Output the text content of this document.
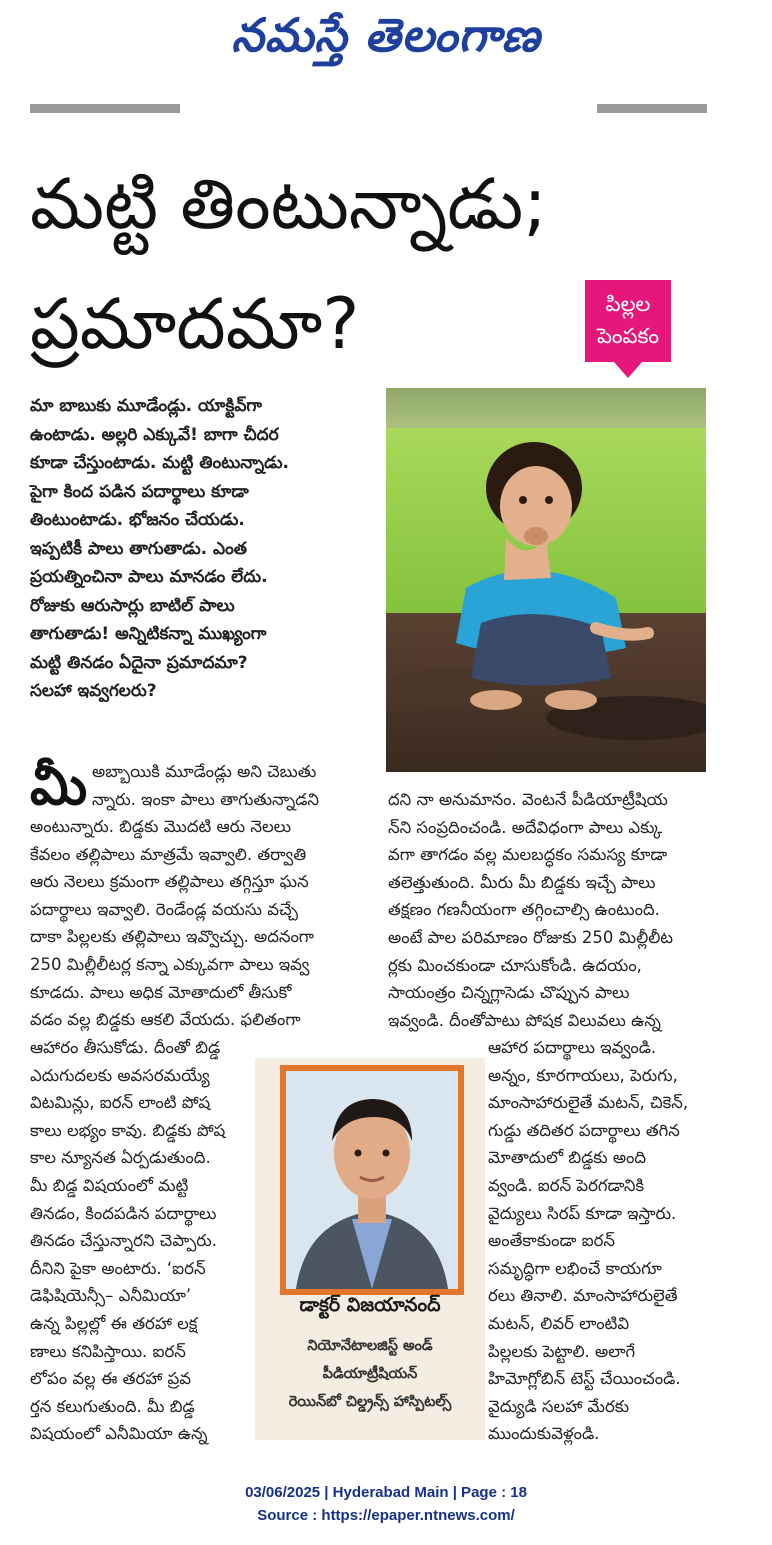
నమస్తే తెలంగాణ
మట్టి తింటున్నాడు;
ప్రమాదమా?	పిల్లల
పెంపకం
మా బాబుకు మూడేండ్లు. యాక్టివ్‌గా
ఉంటాడు. అల్లరి ఎక్కువే! బాగా చీదర
కూడా చేస్తుంటాడు. మట్టి తింటున్నాడు.
పైగా కింద పడిన పదార్థాలు కూడా
తింటుంటాడు. భోజనం చేయడు.
ఇప్పటికీ పాలు తాగుతాడు. ఎంత
ప్రయత్నించినా పాలు మానడం లేదు.
రోజుకు ఆరుసార్లు బాటిల్ పాలు
తాగుతాడు! అన్నిటికన్నా ముఖ్యంగా
మట్టి తినడం ఏదైనా ప్రమాదమా?
సలహా ఇవ్వగలరు?
మీ అబ్బాయికి మూడేండ్లు అని చెబుతు
న్నారు. ఇంకా పాలు తాగుతున్నాడని
అంటున్నారు. బిడ్డకు మొదటి ఆరు నెలలు
కేవలం తల్లిపాలు మాత్రమే ఇవ్వాలి. తర్వాతి
ఆరు నెలలు క్రమంగా తల్లిపాలు తగ్గిస్తూ ఘన
పదార్థాలు ఇవ్వాలి. రెండేండ్ల వయసు వచ్చే
దాకా పిల్లలకు తల్లిపాలు ఇవ్వొచ్చు. అదనంగా
250 మిల్లీలీటర్ల కన్నా ఎక్కువగా పాలు ఇవ్వ
కూడదు. పాలు అధిక మోతాదులో తీసుకో
వడం వల్ల బిడ్డకు ఆకలి వేయదు. ఫలితంగా
ఆహారం తీసుకోడు. దీంతో బిడ్డ
ఎదుగుదలకు అవసరమయ్యే
విటమిన్లు, ఐరన్ లాంటి పోష
కాలు లభ్యం కావు. బిడ్డకు పోష
కాల న్యూనత ఏర్పడుతుంది.
మీ బిడ్డ విషయంలో మట్టి
తినడం, కిందపడిన పదార్థాలు
తినడం చేస్తున్నారని చెప్పారు.
దీనిని పైకా అంటారు. ‘ఐరన్
డెఫిషియెన్సీ– ఎనీమియా’
ఉన్న పిల్లల్లో ఈ తరహా లక్ష
ణాలు కనిపిస్తాయి. ఐరన్
లోపం వల్ల ఈ తరహా ప్రవ
ర్తన కలుగుతుంది. మీ బిడ్డ
విషయంలో ఎనీమియా ఉన్న
దని నా అనుమానం. వెంటనే పీడియాట్రీషియ
న్‌ని సంప్రదించండి. అదేవిధంగా పాలు ఎక్కు
వగా తాగడం వల్ల మలబద్ధకం సమస్య కూడా
తలెత్తుతుంది. మీరు మీ బిడ్డకు ఇచ్చే పాలు
తక్షణం గణనీయంగా తగ్గించాల్సి ఉంటుంది.
అంటే పాల పరిమాణం రోజుకు 250 మిల్లీలీట
ర్లకు మించకుండా చూసుకోండి. ఉదయం,
సాయంత్రం చిన్నగ్లాసెడు చొప్పున పాలు
ఇవ్వండి. దీంతోపాటు పోషక విలువలు ఉన్న
ఆహార పదార్థాలు ఇవ్వండి.
అన్నం, కూరగాయలు, పెరుగు,
మాంసాహారులైతే మటన్, చికెన్,
గుడ్డు తదితర పదార్థాలు తగిన
మోతాదులో బిడ్డకు అంది
వ్వండి. ఐరన్ పెరగడానికి
వైద్యులు సిరప్ కూడా ఇస్తారు.
అంతేకాకుండా ఐరన్
సమృద్ధిగా లభించే కాయగూ
రలు తినాలి. మాంసాహారులైతే
మటన్, లివర్ లాంటివి
పిల్లలకు పెట్టాలి. అలాగే
హిమోగ్లోబిన్ టెస్ట్ చేయించండి.
వైద్యుడి సలహా మేరకు
ముందుకువెళ్లండి.
డాక్టర్ విజయానంద్
నియోనేటాలజిస్ట్ అండ్
పీడియాట్రీషియన్
రెయిన్‌బో చిల్డ్రన్స్ హాస్పిటల్స్
03/06/2025 | Hyderabad Main | Page : 18
Source : https://epaper.ntnews.com/
